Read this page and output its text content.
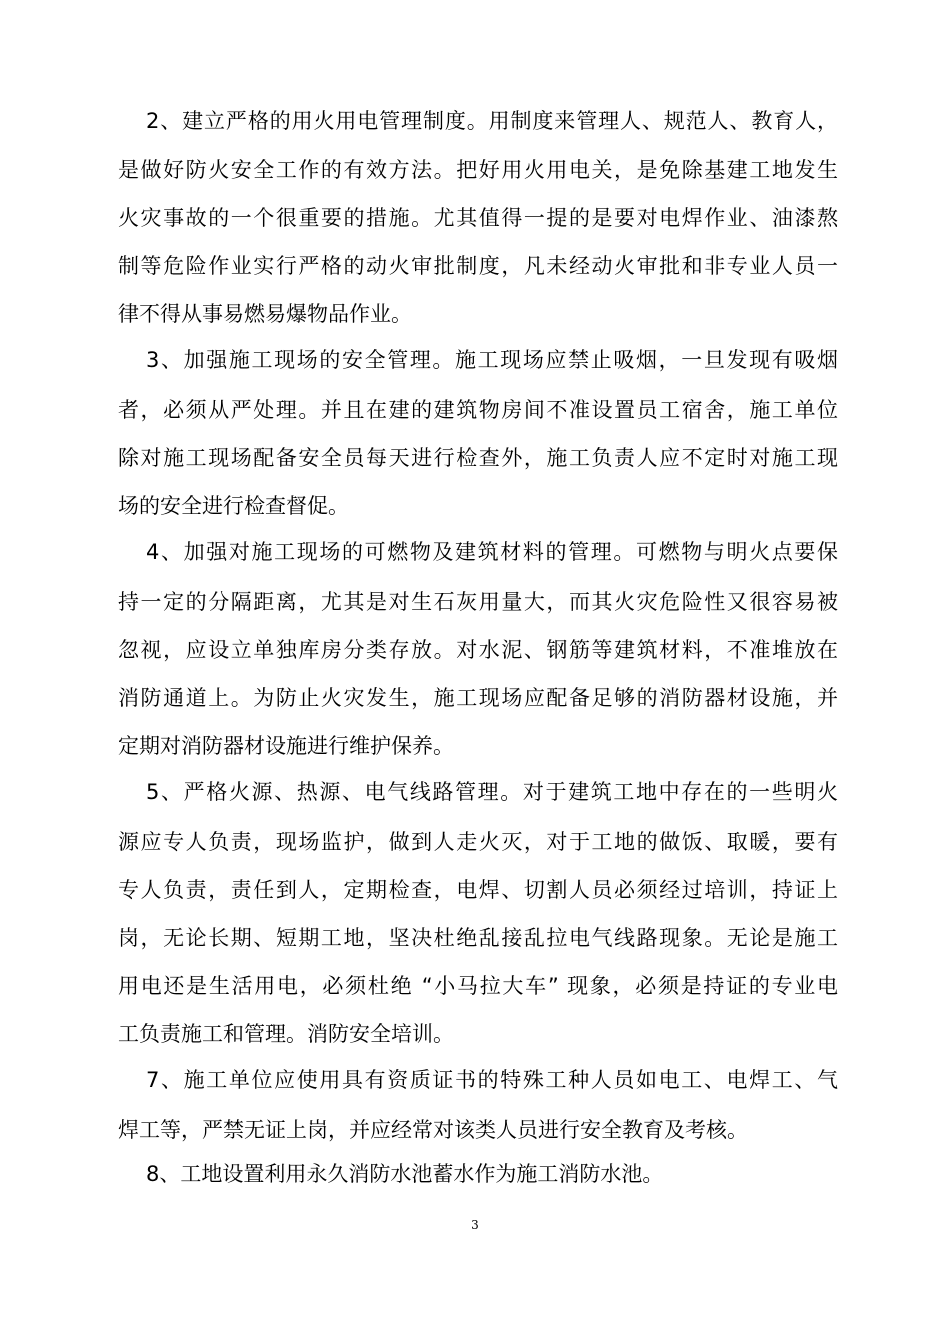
2、建立严格的用火用电管理制度。用制度来管理人、规范人、教育人，
是做好防火安全工作的有效方法。把好用火用电关，是免除基建工地发生
火灾事故的一个很重要的措施。尤其值得一提的是要对电焊作业、油漆熬
制等危险作业实行严格的动火审批制度，凡未经动火审批和非专业人员一
律不得从事易燃易爆物品作业。
3、加强施工现场的安全管理。施工现场应禁止吸烟，一旦发现有吸烟
者，必须从严处理。并且在建的建筑物房间不准设置员工宿舍，施工单位
除对施工现场配备安全员每天进行检查外，施工负责人应不定时对施工现
场的安全进行检查督促。
4、加强对施工现场的可燃物及建筑材料的管理。可燃物与明火点要保
持一定的分隔距离，尤其是对生石灰用量大，而其火灾危险性又很容易被
忽视，应设立单独库房分类存放。对水泥、钢筋等建筑材料，不准堆放在
消防通道上。为防止火灾发生，施工现场应配备足够的消防器材设施，并
定期对消防器材设施进行维护保养。
5、严格火源、热源、电气线路管理。对于建筑工地中存在的一些明火
源应专人负责，现场监护，做到人走火灭，对于工地的做饭、取暖，要有
专人负责，责任到人，定期检查，电焊、切割人员必须经过培训，持证上
岗，无论长期、短期工地，坚决杜绝乱接乱拉电气线路现象。无论是施工
用电还是生活用电，必须杜绝 “小马拉大车” 现象，必须是持证的专业电
工负责施工和管理。消防安全培训。
7、施工单位应使用具有资质证书的特殊工种人员如电工、电焊工、气
焊工等，严禁无证上岗，并应经常对该类人员进行安全教育及考核。
8、工地设置利用永久消防水池蓄水作为施工消防水池。
3
